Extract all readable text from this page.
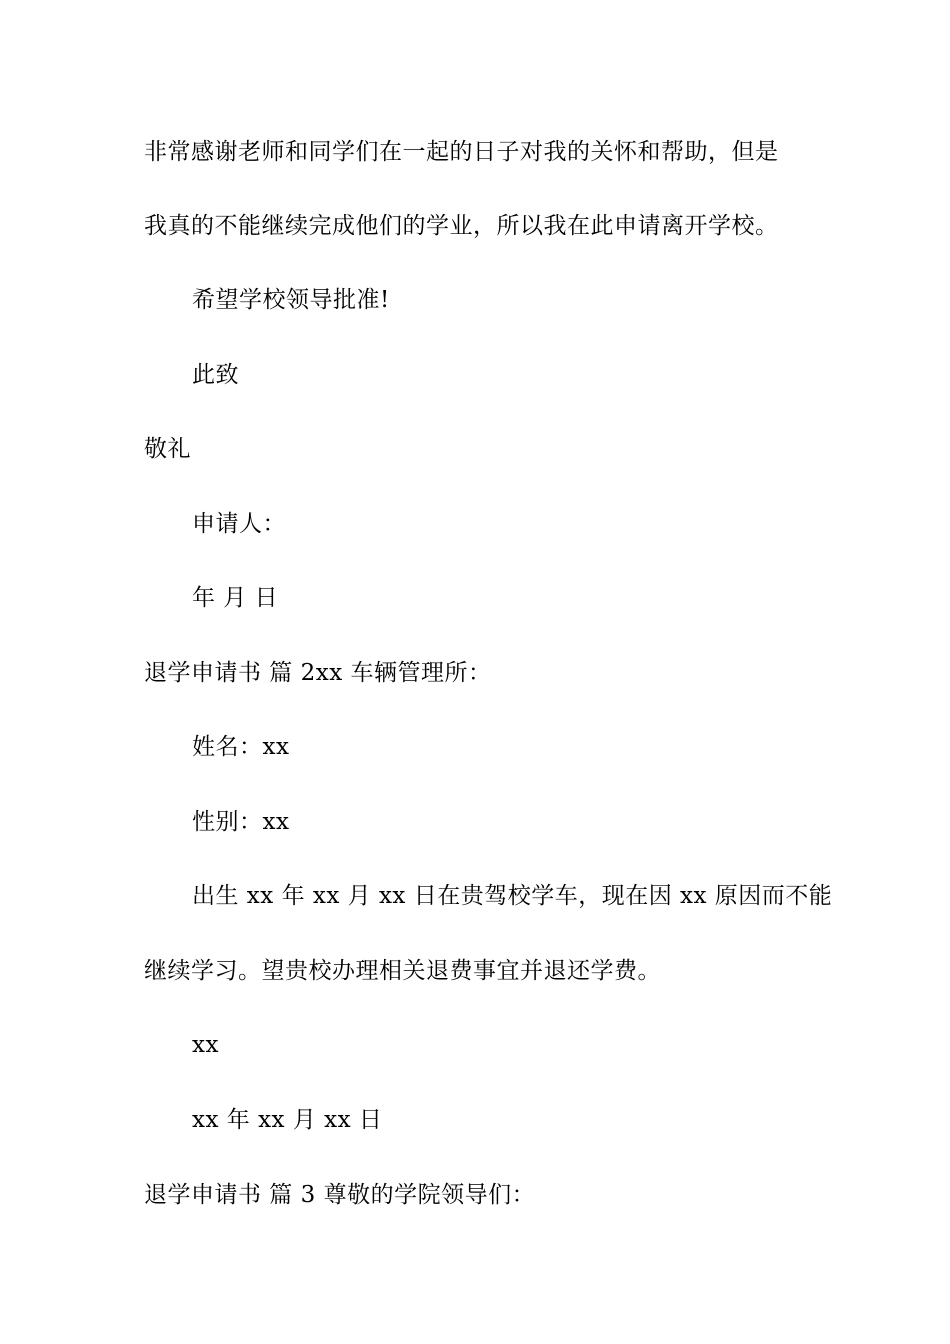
非常感谢老师和同学们在一起的日子对我的关怀和帮助，但是
我真的不能继续完成他们的学业，所以我在此申请离开学校。
希望学校领导批准!
此致
敬礼
申请人：
年 月 日
退学申请书 篇 2xx 车辆管理所：
姓名：xx
性别：xx
出生 xx 年 xx 月 xx 日在贵驾校学车，现在因 xx 原因而不能
继续学习。望贵校办理相关退费事宜并退还学费。
xx
xx 年 xx 月 xx 日
退学申请书 篇 3 尊敬的学院领导们：
